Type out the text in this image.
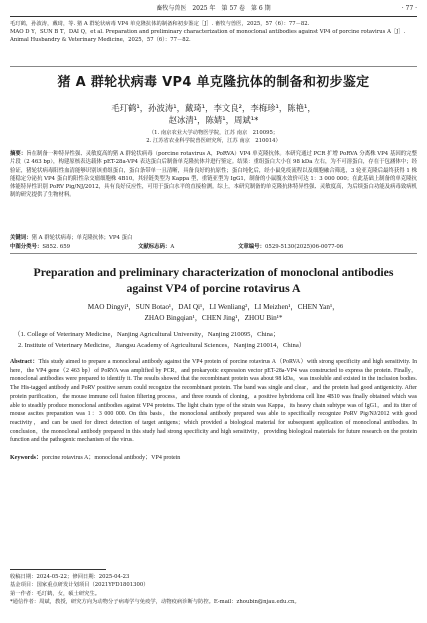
畜牧与兽医　2025 年　第 57 卷　第 6 期	· 77 ·
毛玎鹤，孙波涛，戴琦，等. 猪 A 群轮状病毒 VP4 单克隆抗体的制备和初步鉴定［J］. 畜牧与兽医，2025，57（6）：77－82.
MAO D Y，SUN B T，DAI Q，et al. Preparation and preliminary characterization of monoclonal antibodies against VP4 of porcine rotavirus A［J］. Animal Husbandry & Veterinary Medicine，2025，57（6）：77－82.
猪 A 群轮状病毒 VP4 单克隆抗体的制备和初步鉴定
毛玎鹤¹，孙波涛¹，戴琦¹，李文良²，李梅珍¹，陈艳¹，
赵冰清¹，陈婧¹，周斌¹*
（1. 南京农业大学动物医学院，江苏 南京　210095；
2. 江苏省农业科学院兽医研究所，江苏 南京　210014）
摘要：旨在制备一种特异性强、灵敏度高的猪 A 群轮状病毒（porcine rotavirus A，PoRVA）VP4 单克隆抗体。本研究通过 PCR 扩增 PoRVA 分离株 VP4 基因的完整片段（2 463 bp），构建原核表达载体 pET-28a-VP4 表达蛋白后制备单克隆抗体并进行鉴定。结果：重组蛋白大小在 98 kDa 左右，为不可溶蛋白，存在于包涵体中；经验证，猪轮状病毒阳性血清能够识别该重组蛋白，蛋白条带单一且清晰，具备良好的抗原性；蛋白纯化后，经小鼠免疫流程以及细胞融合筛选，3 轮亚克隆后最终获得 1 株能稳定分泌抗 VP4 蛋白的阳性杂交瘤细胞株 4B10，其轻链类型为 Kappa 型，重链亚型为 IgG1，制备的小鼠腹水效价可达 1：3 000 000；在此基础上制备的单克隆抗体能特异性识别 PoRV Pig/NJ/2012，具有良好反应性，可用于蛋白水平的直接检测。综上，本研究制备的单克隆抗体特异性强、灵敏度高，为后续蛋白功能及病毒致病机制的研究提供了生物材料。
关键词：猪 A 群轮状病毒；单克隆抗体；VP4 蛋白
中图分类号：S852. 659	文献标志码：A	文章编号：0529-5130(2025)06-0077-06
Preparation and preliminary characterization of monoclonal antibodies
against VP4 of porcine rotavirus A
MAO Dingyi¹，SUN Botao¹，DAI Qi¹，LI Wenliang²，LI Meizhen¹，CHEN Yan¹，
ZHAO Bingqian¹，CHEN Jing¹，ZHOU Bin¹*
（1. College of Veterinary Medicine，Nanjing Agricultural University，Nanjing 210095，China；
2. Institute of Veterinary Medicine，Jiangsu Academy of Agricultural Sciences，Nanjing 210014，China）
Abstract：This study aimed to prepare a monoclonal antibody against the VP4 protein of porcine rotavirus A（PoRVA）with strong specificity and high sensitivity. In here，the VP4 gene（2 463 bp）of PoRVA was amplified by PCR，and prokaryotic expression vector pET-28a-VP4 was constructed to express the protein. Finally，monoclonal antibodies were prepared to identify it. The results showed that the recombinant protein was about 98 kDa，was insoluble and existed in the inclusion bodies. The His-tagged antibody and PoRV positive serum could recognize the recombinant protein. The band was single and clear，and the protein had good antigenicity. After protein purification，the mouse immune cell fusion filtering process，and three rounds of cloning，a positive hybridoma cell line 4B10 was finally obtained which was able to steadily produce monoclonal antibodies against VP4 proteins. The light chain type of the strain was Kappa，its heavy chain subtype was of IgG1，and its titer of mouse ascites preparation was 1：3 000 000. On this basis，the monoclonal antibody prepared was able to specifically recognize PoRV Pig/NJ/2012 with good reactivity，and can be used for direct detection of target antigens；which provided a biological material for subsequent application of monoclonal antibodies. In conclusion，the monoclonal antibody prepared in this study had strong specificity and high sensitivity，providing biological materials for future research on the protein function and the pathogenic mechanism of the virus.
Keywords：porcine rotavirus A；monoclonal antibody；VP4 protein
收稿日期：2024-05-22；修回日期：2025-04-23
基金项目：国家重点研发计划项目（2021YFD1801300）
第一作者：毛玎鹤，女，硕士研究生。
*通信作者：周斌，教授，研究方向为动物分子病毒学与免疫学，动物疫病诊断与防控。E-mail：zhoubin@njau.edu.cn。
